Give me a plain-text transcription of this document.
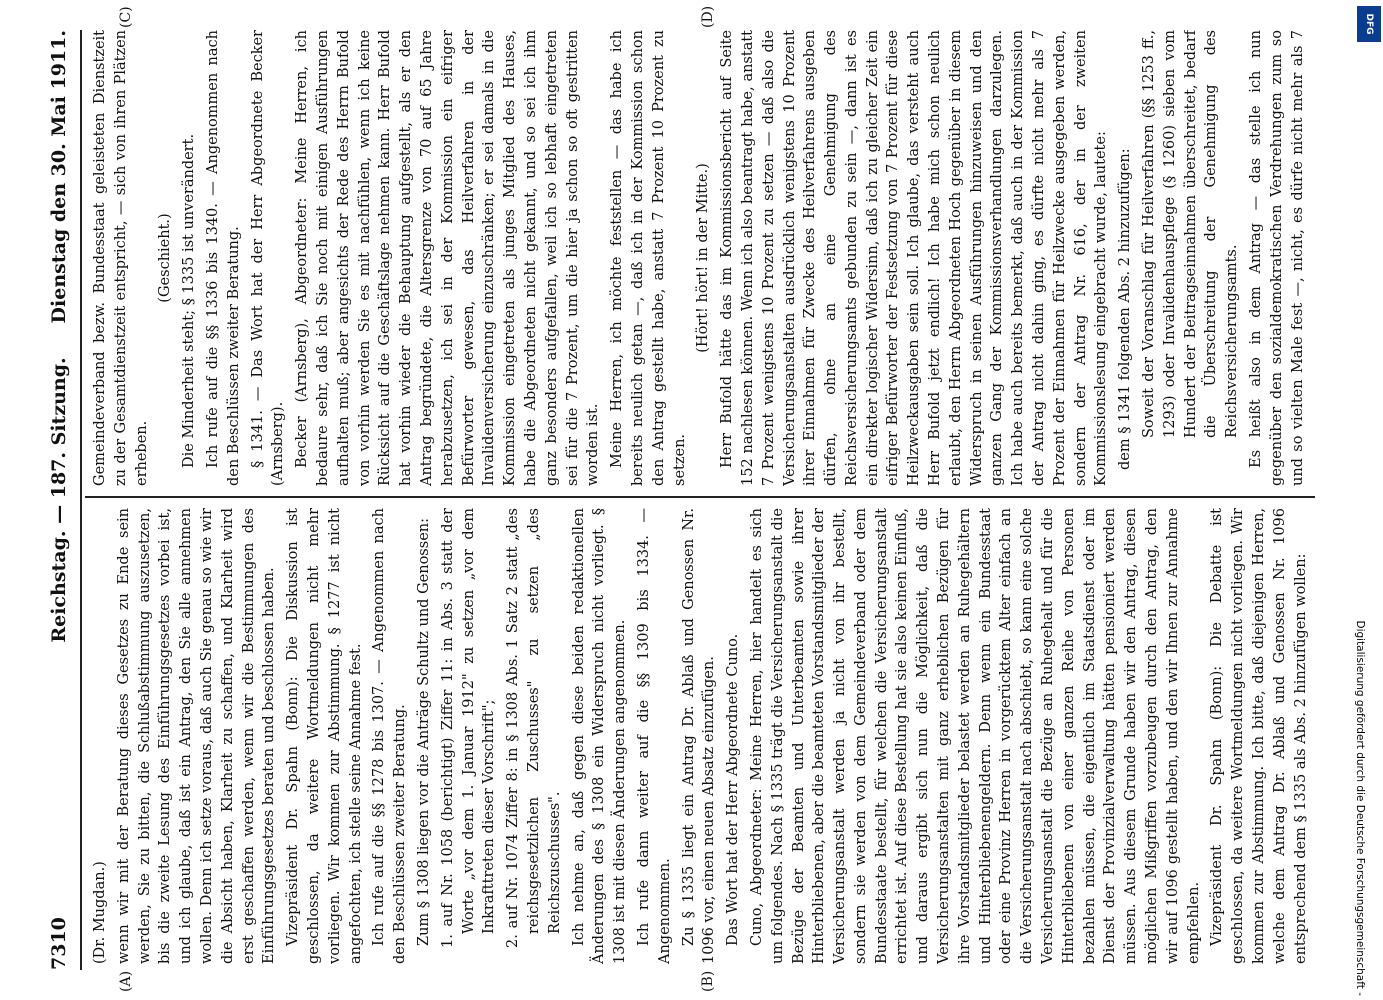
7310
Reichstag. — 187. Sitzung.
Dienstag den 30. Mai 1911.
(A)	(B)
(C)	(D)

(Dr. Mugdan.) wenn wir mit der Beratung dieses Gesetzes zu Ende sein werden, Sie zu bitten, die Schlußabstimmung auszusetzen, bis die zweite Lesung des Einführungsgesetzes vorbei ist, und ich glaube, daß ist ein Antrag, den Sie alle annehmen wollen. Denn ich setze voraus, daß auch Sie genau so wie wir die Absicht haben, Klarheit zu schaffen, und Klarheit wird erst geschaffen werden, wenn wir die Bestimmungen des Einführungsgesetzes beraten und beschlossen haben. Vizepräsident Dr. Spahn (Bonn): Die Diskussion ist geschlossen, da weitere Wortmeldungen nicht mehr vorliegen. Wir kommen zur Abstimmung. § 1277 ist nicht angefochten, ich stelle seine Annahme fest. Ich rufe auf die §§ 1278 bis 1307. — Angenommen nach den Beschlüssen zweiter Beratung. Zum § 1308 liegen vor die Anträge Schultz und Genossen: 1. auf Nr. 1058 (berichtigt) Ziffer 11: in Abs. 3 statt der Worte „vor dem 1. Januar 1912" zu setzen „vor dem Inkrafttreten dieser Vorschrift"; 2. auf Nr. 1074 Ziffer 8: in § 1308 Abs. 1 Satz 2 statt „des reichsgesetzlichen Zuschusses" zu setzen „des Reichszuschusses". Ich nehme an, daß gegen diese beiden redaktionellen Änderungen des § 1308 ein Widerspruch nicht vorliegt. § 1308 ist mit diesen Änderungen angenommen. Ich rufe dann weiter auf die §§ 1309 bis 1334. — Angenommen. Zu § 1335 liegt ein Antrag Dr. Ablaß und Genossen Nr. 1096 vor, einen neuen Absatz einzufügen. Das Wort hat der Herr Abgeordnete Cuno. Cuno, Abgeordneter: Meine Herren, hier handelt es sich um folgendes. Nach § 1335 trägt die Versicherungsanstalt die Bezüge der Beamten und Unterbeamten sowie ihrer Hinterbliebenen, aber die beamteten Vorstandsmitglieder der Versicherungsanstalt werden ja nicht von ihr bestellt, sondern sie werden von dem Gemeindeverband oder dem Bundesstaate bestellt, für welchen die Versicherungsanstalt errichtet ist. Auf diese Bestellung hat sie also keinen Einfluß, und daraus ergibt sich nun die Möglichkeit, daß die Versicherungsanstalten mit ganz erheblichen Bezügen für ihre Vorstandsmitglieder belastet werden an Ruhegehältern und Hinterbliebenengeldern. Denn wenn ein Bundesstaat oder eine Provinz Herren in vorgerücktem Alter einfach an die Versicherungsanstalt nach abschiebt, so kann eine solche Versicherungsanstalt die Bezüge an Ruhegehalt und für die Hinterbliebenen von einer ganzen Reihe von Personen bezahlen müssen, die eigentlich im Staatsdienst oder im Dienst der Provinzialverwaltung hätten pensioniert werden müssen. Aus diesem Grunde haben wir den Antrag, diesen möglichen Mißgriffen vorzubeugen durch den Antrag, den wir auf 1096 gestellt haben, und den wir Ihnen zur Annahme empfehlen. Vizepräsident Dr. Spahn (Bonn): Die Debatte ist geschlossen, da weitere Wortmeldungen nicht vorliegen. Wir kommen zur Abstimmung. Ich bitte, daß diejenigen Herren, welche dem Antrag Dr. Ablaß und Genossen Nr. 1096 entsprechend dem § 1335 als Abs. 2 hinzufügen wollen:

Gemeindeverband bezw. Bundesstaat geleisteten Dienstzeit zu der Gesamtdienstzeit entspricht, — sich von ihren Plätzen erheben.

(Geschieht.) Die Minderheit steht; § 1335 ist unverändert. Ich rufe auf die §§ 1336 bis 1340. — Angenommen nach den Beschlüssen zweiter Beratung. § 1341. — Das Wort hat der Herr Abgeordnete Becker (Arnsberg). Becker (Arnsberg), Abgeordneter: Meine Herren, ich bedaure sehr, daß ich Sie noch mit einigen Ausführungen aufhalten muß; aber angesichts der Rede des Herrn Bufold von vorhin werden Sie es mit nachfühlen, wenn ich keine Rücksicht auf die Geschäftslage nehmen kann. Herr Bufold hat vorhin wieder die Behauptung aufgestellt, als er den Antrag begründete, die Altersgrenze von 70 auf 65 Jahre herabzusetzen, ich sei in der Kommission ein eifriger Befürworter gewesen, das Heilverfahren in der Invalidenversicherung einzuschränken; er sei damals in die Kommission eingetreten als junges Mitglied des Hauses, habe die Abgeordneten nicht gekannt, und so sei ich ihm ganz besonders aufgefallen, weil ich so lebhaft eingetreten sei für die 7 Prozent, um die hier ja schon so oft gestritten worden ist. Meine Herren, ich möchte feststellen — das habe ich bereits neulich getan —, daß ich in der Kommission schon den Antrag gestellt habe, anstatt 7 Prozent 10 Prozent zu setzen.

(Hört! hört! in der Mitte.) Herr Bufold hätte das im Kommissionsbericht auf Seite 152 nachlesen können. Wenn ich also beantragt habe, anstatt 7 Prozent wenigstens 10 Prozent zu setzen — daß also die Versicherungsanstalten ausdrücklich wenigstens 10 Prozent ihrer Einnahmen für Zwecke des Heilverfahrens ausgeben dürfen, ohne an eine Genehmigung des Reichsversicherungsamts gebunden zu sein —, dann ist es ein direkter logischer Widersinn, daß ich zu gleicher Zeit ein eifriger Befürworter der Festsetzung von 7 Prozent für diese Heilzweckausgaben sein soll. Ich glaube, das versteht auch Herr Bufold jetzt endlich! Ich habe mich schon neulich erlaubt, den Herrn Abgeordneten Hoch gegenüber in diesem Widerspruch in seinen Ausführungen hinzuweisen und den ganzen Gang der Kommissionsverhandlungen darzulegen. Ich habe auch bereits bemerkt, daß auch in der Kommission der Antrag nicht dahin ging, es dürfte nicht mehr als 7 Prozent der Einnahmen für Heilzwecke ausgegeben werden, sondern der Antrag Nr. 616, der in der zweiten Kommissionslesung eingebracht wurde, lautete: dem § 1341 folgenden Abs. 2 hinzuzufügen: Soweit der Voranschlag für Heilverfahren (§§ 1253 ff., 1293) oder Invalidenhauspflege (§ 1260) sieben vom Hundert der Beitragseinnahmen überschreitet, bedarf die Überschreitung der Genehmigung des Reichsversicherungsamts.

Es heißt also in dem Antrag — das stelle ich nun gegenüber den sozialdemokratischen Verdrehungen zum so und so vielten Male fest —, nicht, es dürfe nicht mehr als 7

Digitalisierung gefördert durch die Deutsche Forschungsgemeinschaft -
DFG
